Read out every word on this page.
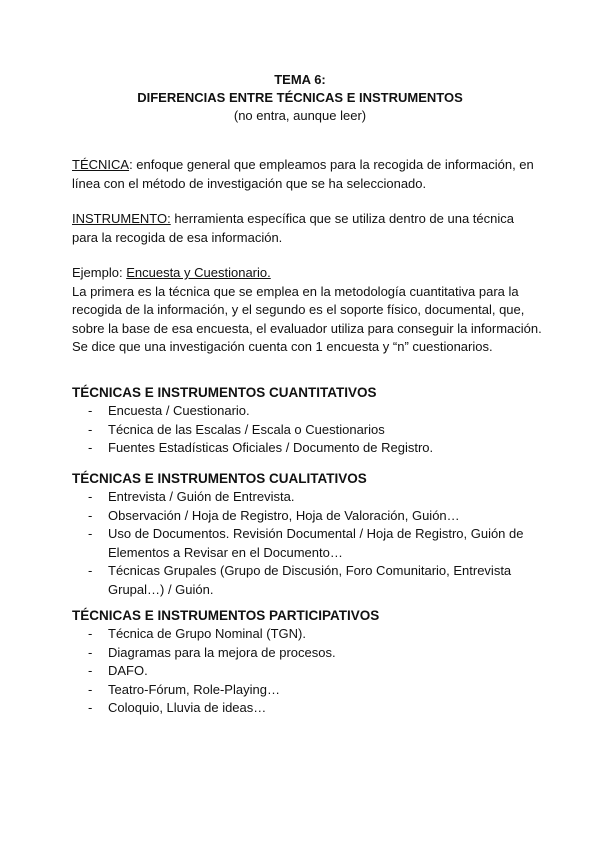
TEMA 6:
DIFERENCIAS ENTRE TÉCNICAS E INSTRUMENTOS
(no entra, aunque leer)
TÉCNICA: enfoque general que empleamos para la recogida de información, en línea con el método de investigación que se ha seleccionado.
INSTRUMENTO: herramienta específica que se utiliza dentro de una técnica para la recogida de esa información.
Ejemplo: Encuesta y Cuestionario.
La primera es la técnica que se emplea en la metodología cuantitativa para la recogida de la información, y el segundo es el soporte físico, documental, que, sobre la base de esa encuesta, el evaluador utiliza para conseguir la información. Se dice que una investigación cuenta con 1 encuesta y “n” cuestionarios.
TÉCNICAS E INSTRUMENTOS CUANTITATIVOS
- Encuesta / Cuestionario.
- Técnica de las Escalas / Escala o Cuestionarios
- Fuentes Estadísticas Oficiales / Documento de Registro.
TÉCNICAS E INSTRUMENTOS CUALITATIVOS
- Entrevista / Guión de Entrevista.
- Observación / Hoja de Registro, Hoja de Valoración, Guión…
- Uso de Documentos. Revisión Documental / Hoja de Registro, Guión de Elementos a Revisar en el Documento…
- Técnicas Grupales (Grupo de Discusión, Foro Comunitario, Entrevista Grupal…) / Guión.
TÉCNICAS E INSTRUMENTOS PARTICIPATIVOS
- Técnica de Grupo Nominal (TGN).
- Diagramas para la mejora de procesos.
- DAFO.
- Teatro-Fórum, Role-Playing…
- Coloquio, Lluvia de ideas…
